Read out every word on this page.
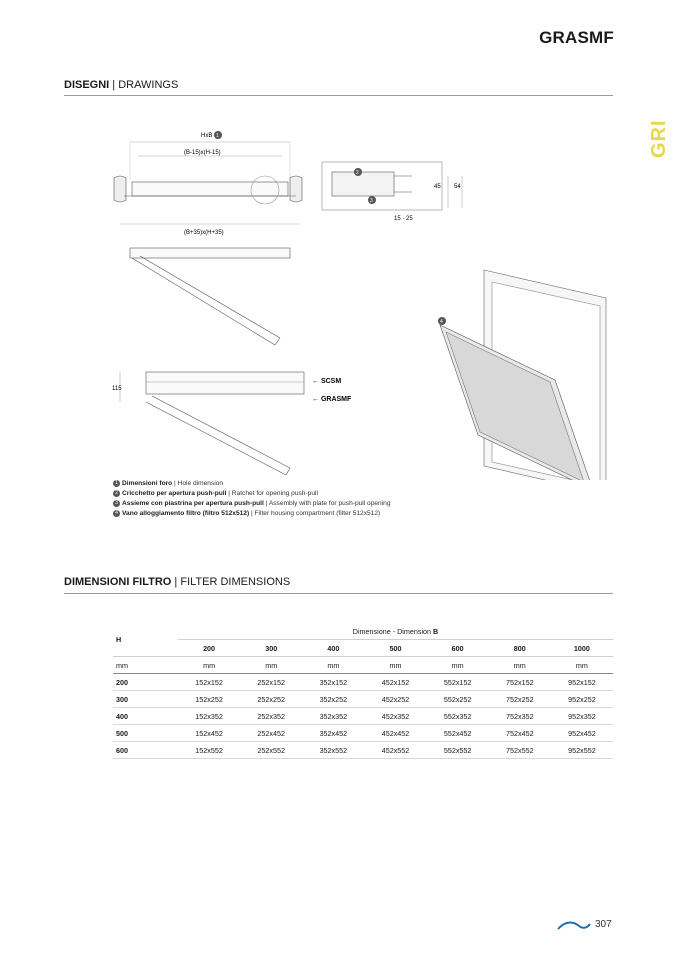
GRASMF
GRI
DISEGNI | DRAWINGS
HxB 1
(B-15)x(H-15)
(B+35)x(H+35)
2
3
45 54
15 · 25
115
← SCSM
← GRASMF
4
1 Dimensioni foro | Hole dimension
2 Cricchetto per apertura push-pull | Ratchet for opening push-pull
3 Assieme con piastrina per apertura push-pull | Assembly with plate for push-pull opening
4 Vano alloggiamento filtro (filtro 512x512) | Filter housing compartment (filter 512x512)
DIMENSIONI FILTRO | FILTER DIMENSIONS
H	Dimensione - Dimension B						
	200	300	400	500	600	800	1000
mm	mm	mm	mm	mm	mm	mm	mm
200	152x152	252x152	352x152	452x152	552x152	752x152	952x152
300	152x252	252x252	352x252	452x252	552x252	752x252	952x252
400	152x352	252x352	352x352	452x352	552x352	752x352	952x352
500	152x452	252x452	352x452	452x452	552x452	752x452	952x452
600	152x552	252x552	352x552	452x552	552x552	752x552	952x552
307
